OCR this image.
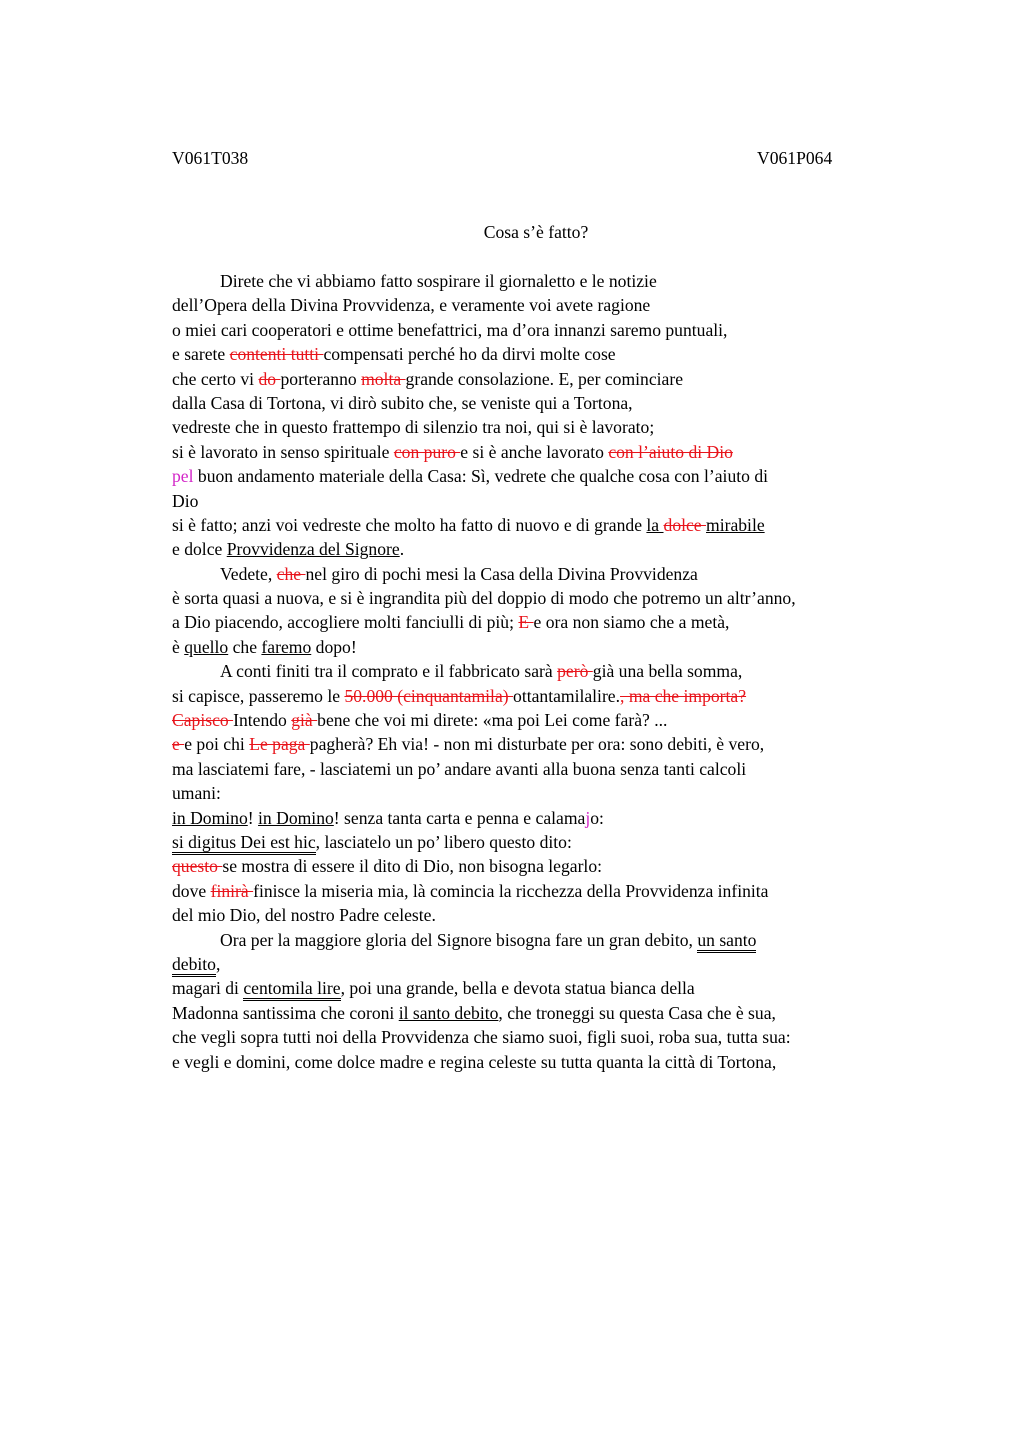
V061T038	V061P064

Cosa s’è fatto?

Direte che vi abbiamo fatto sospirare il giornaletto e le notizie
dell’Opera della Divina Provvidenza, e veramente voi avete ragione
o miei cari cooperatori e ottime benefattrici, ma d’ora innanzi saremo puntuali,
e sarete contenti tutti compensati perché ho da dirvi molte cose
che certo vi do porteranno molta grande consolazione. E, per cominciare
dalla Casa di Tortona, vi dirò subito che, se veniste qui a Tortona,
vedreste che in questo frattempo di silenzio tra noi, qui si è lavorato;
si è lavorato in senso spirituale con puro e si è anche lavorato con l’aiuto di Dio
pel buon andamento materiale della Casa: Sì, vedrete che qualche cosa con l’aiuto di
Dio
si è fatto; anzi voi vedreste che molto ha fatto di nuovo e di grande la dolce mirabile
e dolce Provvidenza del Signore.
Vedete, che nel giro di pochi mesi la Casa della Divina Provvidenza
è sorta quasi a nuova, e si è ingrandita più del doppio di modo che potremo un altr’anno,
a Dio piacendo, accogliere molti fanciulli di più; E e ora non siamo che a metà,
è quello che faremo dopo!
A conti finiti tra il comprato e il fabbricato sarà però già una bella somma,
si capisce, passeremo le 50.000 (cinquantamila) ottantamilalire., ma che importa?
Capisco Intendo già bene che voi mi direte: «ma poi Lei come farà? ...
e e poi chi Le paga pagherà? Eh via! - non mi disturbate per ora: sono debiti, è vero,
ma lasciatemi fare, - lasciatemi un po’ andare avanti alla buona senza tanti calcoli
umani:
in Domino! in Domino! senza tanta carta e penna e calamajo:
si digitus Dei est hic, lasciatelo un po’ libero questo dito:
questo se mostra di essere il dito di Dio, non bisogna legarlo:
dove finirà finisce la miseria mia, là comincia la ricchezza della Provvidenza infinita
del mio Dio, del nostro Padre celeste.
Ora per la maggiore gloria del Signore bisogna fare un gran debito, un santo
debito,
magari di centomila lire, poi una grande, bella e devota statua bianca della
Madonna santissima che coroni il santo debito, che troneggi su questa Casa che è sua,
che vegli sopra tutti noi della Provvidenza che siamo suoi, figli suoi, roba sua, tutta sua:
e vegli e domini, come dolce madre e regina celeste su tutta quanta la città di Tortona,
